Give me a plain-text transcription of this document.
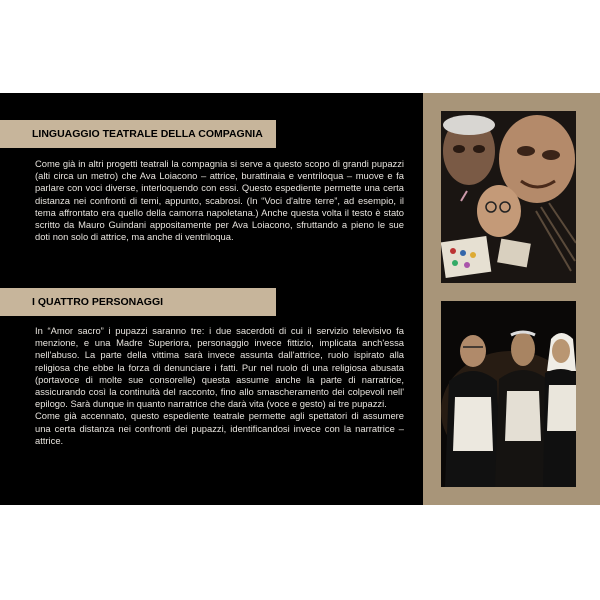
LINGUAGGIO TEATRALE DELLA COMPAGNIA

Come già in altri progetti teatrali la compagnia si serve a questo scopo di grandi pupazzi (alti circa un metro) che Ava Loiacono – attrice, burattinaia e ventriloqua – muove e fa parlare con voci diverse, interloquendo con essi. Questo espediente permette una certa distanza nei confronti di temi, appunto, scabrosi. (In “Voci d'altre terre”, ad esempio, il tema affrontato era quello della camorra napoletana.) Anche questa volta il testo è stato scritto da Mauro Guindani appositamente per Ava Loiacono, sfruttando a pieno le sue doti non solo di attrice, ma anche di ventriloqua.

I QUATTRO PERSONAGGI

In “Amor sacro” i pupazzi saranno tre: i due sacerdoti di cui il servizio televisivo fa menzione, e una Madre Superiora, personaggio invece fittizio, implicata anch'essa nell'abuso. La parte della vittima sarà invece assunta dall'attrice, ruolo ispirato alla religiosa che ebbe la forza di denunciare i fatti. Pur nel ruolo di una religiosa abusata (portavoce di molte sue consorelle) questa assume anche la parte di narratrice, assicurando così la continuità del racconto, fino allo smascheramento dei colpevoli nell' epilogo. Sarà dunque in quanto narratrice che darà vita (voce e gesto) ai tre pupazzi.

Come già accennato, questo espediente teatrale permette agli spettatori di assumere una certa distanza nei confronti dei pupazzi, identificandosi invece con la narratrice – attrice.
